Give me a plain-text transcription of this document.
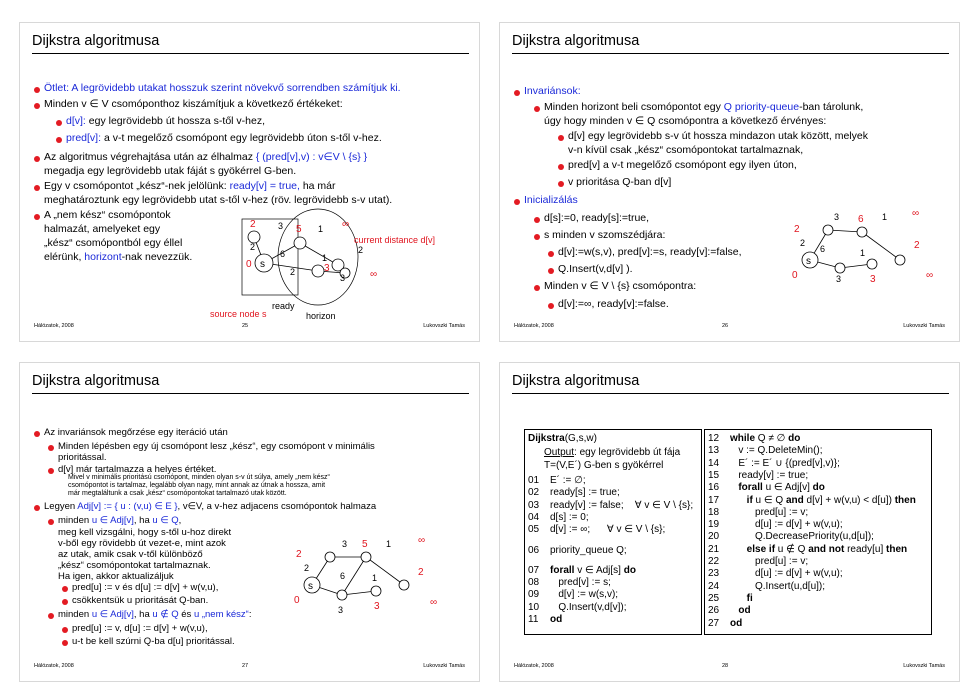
Dijkstra algoritmusa
Ötlet: A legrövidebb utakat hosszuk szerint növekvő sorrendben számítjuk ki.
Minden v ∈ V csomóponthoz kiszámítjuk a következő értékeket:
d[v]: egy legrövidebb út hossza s-től v-hez,
pred[v]: a v-t megelőző csomópont egy legrövidebb úton s-től v-hez.
Az algoritmus végrehajtása után az élhalmaz { (pred[v],v) : v∈V \ {s} }
megadja egy legrövidebb utak fáját s gyökérrel G-ben.
Egy v csomópontot „kész“-nek jelölünk: ready[v] = true, ha már
meghatároztunk egy legrövidebb utat s-től v-hez (röv. legrövidebb s-v utat).
A „nem kész“ csomópontok
halmazát, amelyeket egy
„kész“ csomópontból egy éllel
elérünk, horizont-nak nevezzük.
s
0
2 3 5 1 ∞
2
6
2
1
3
3
2
∞
ready
horizon
current distance d[v]
source node s
Hálózatok, 2008	25	Lukovszki Tamás
Dijkstra algoritmusa
Invariánsok:
Minden horizont beli csomópontot egy Q priority-queue-ban tárolunk,
úgy hogy minden v ∈ Q csomópontra a következő érvényes:
d[v] egy legrövidebb s-v út hossza mindazon utak között, melyek
v-n kívül csak „kész“ csomópontokat tartalmaznak,
pred[v] a v-t megelőző csomópont egy ilyen úton,
v prioritása Q-ban d[v]
Inicializálás
d[s]:=0, ready[s]:=true,
s minden v szomszédjára:
d[v]:=w(s,v), pred[v]:=s, ready[v]:=false,
Q.Insert(v,d[v] ).
Minden v ∈ V \ {s} csomópontra:
d[v]:=∞, ready[v]:=false.
s
2
3 6 1 ∞
0
2
6	1
2
3	3	∞
Hálózatok, 2008	26	Lukovszki Tamás
Dijkstra algoritmusa
Az invariánsok megőrzése egy iteráció után
Minden lépésben egy új csomópont lesz „kész“, egy csomópont v minimális
prioritással.
d[v] már tartalmazza a helyes értéket.
Mivel v minimális prioritású csomópont, minden olyan s-v út súlya, amely „nem kész“
csomópontot is tartalmaz, legalább olyan nagy, mint annak az útnak a hossza, amit
már megtaláltunk a csak „kész“ csomópontokat tartalmazó utak között.
Legyen Adj[v] := { u : (v,u) ∈ E }, v∈V, a v-hez adjacens csomópontok halmaza
minden u ∈ Adj[v], ha u ∈ Q,
meg kell vizsgálni, hogy s-től u-hoz direkt
v-ből egy rövidebb út vezet-e, mint azok
az utak, amik csak v-től különböző
„kész“ csomópontokat tartalmaznak.
Ha igen, akkor aktualizáljuk
pred[u] := v és d[u] := d[v] + w(v,u),
csökkentsük u prioritását Q-ban.
minden u ∈ Adj[v], ha u ∉ Q és u „nem kész“:
pred[u] := v, d[u] := d[v] + w(v,u),
u-t be kell szúrni Q-ba d[u] prioritással.
s
2
3 5 1	∞
0
2
6	1	2
3	3	∞
Hálózatok, 2008	27	Lukovszki Tamás
Dijkstra algoritmusa
Dijkstra(G,s,w)
Output: egy legrövidebb út fája
T=(V,E´) G-ben s gyökérrel
01 E´ := ∅;
02 ready[s] := true;
03 ready[v] := false;    ∀ v ∈ V \ {s};
04 d[s] := 0;
05 d[v] := ∞;      ∀ v ∈ V \ {s};
06 priority_queue Q;
07 forall v ∈ Adj[s] do
08   pred[v] := s;
09   d[v] := w(s,v);
10   Q.Insert(v,d[v]);
11 od
12 while Q ≠ ∅ do
13   v := Q.DeleteMin();
14   E´ := E´ ∪ {(pred[v],v)};
15   ready[v] := true;
16   forall u ∈ Adj[v] do
17      if u ∈ Q and d[v] + w(v,u) < d[u]) then
18         pred[u] := v;
19         d[u] := d[v] + w(v,u);
20         Q.DecreasePriority(u,d[u]);
21      else if u ∉ Q and not ready[u] then
22         pred[u] := v;
23         d[u] := d[v] + w(v,u);
24         Q.Insert(u,d[u]);
25      fi
26   od
27 od
Hálózatok, 2008	28	Lukovszki Tamás
